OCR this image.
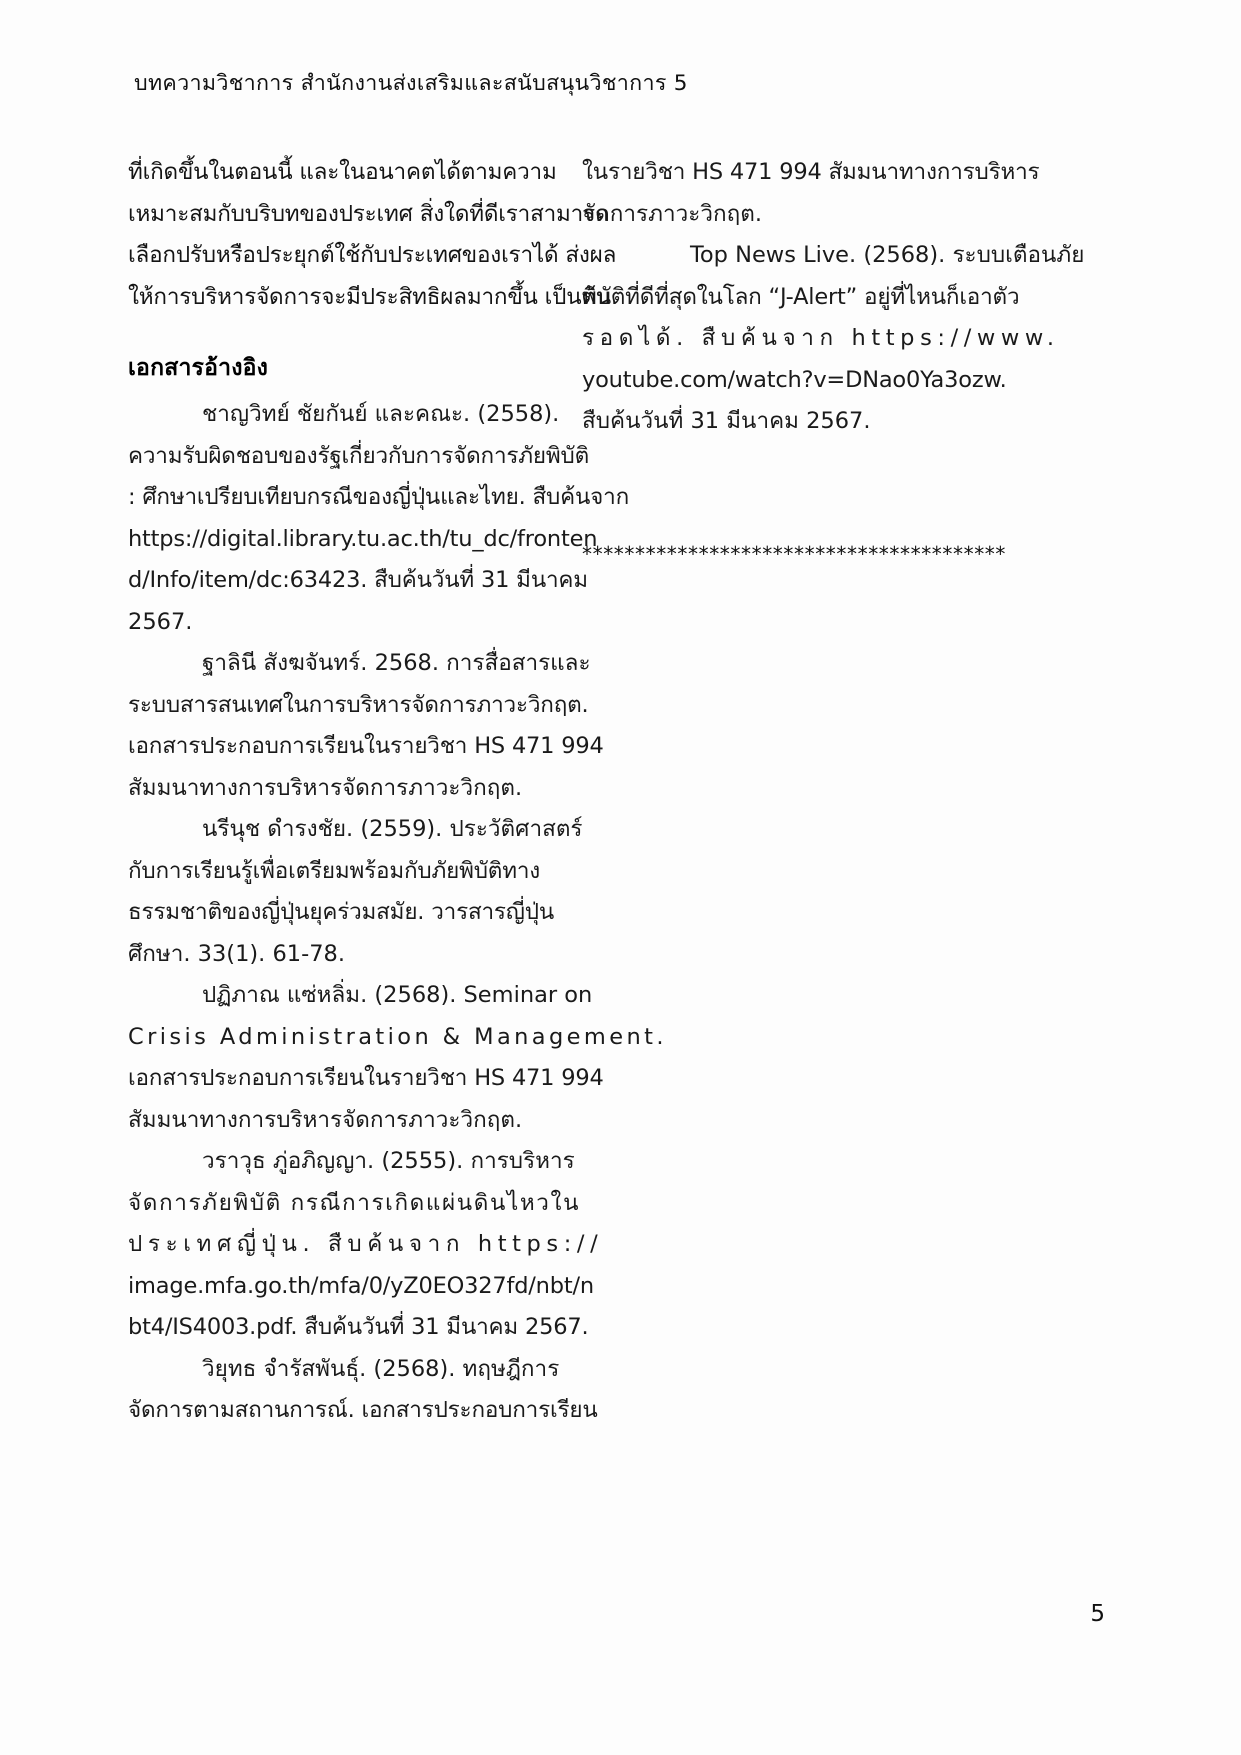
บทความวิชาการ สำนักงานส่งเสริมและสนับสนุนวิชาการ 5

ที่เกิดขึ้นในตอนนี้ และในอนาคตได้ตามความ
เหมาะสมกับบริบทของประเทศ สิ่งใดที่ดีเราสามารถ
เลือกปรับหรือประยุกต์ใช้กับประเทศของเราได้ ส่งผล
ให้การบริหารจัดการจะมีประสิทธิผลมากขึ้น เป็นต้น

เอกสารอ้างอิง

ชาญวิทย์ ชัยกันย์ และคณะ. (2558).
ความรับผิดชอบของรัฐเกี่ยวกับการจัดการภัยพิบัติ
: ศึกษาเปรียบเทียบกรณีของญี่ปุ่นและไทย. สืบค้นจาก
https://digital.library.tu.ac.th/tu_dc/fronten
d/Info/item/dc:63423. สืบค้นวันที่ 31 มีนาคม
2567.

ฐาลินี สังฆจันทร์. 2568. การสื่อสารและ
ระบบสารสนเทศในการบริหารจัดการภาวะวิกฤต.
เอกสารประกอบการเรียนในรายวิชา HS 471 994
สัมมนาทางการบริหารจัดการภาวะวิกฤต.

นรีนุช ดำรงชัย. (2559). ประวัติศาสตร์
กับการเรียนรู้เพื่อเตรียมพร้อมกับภัยพิบัติทาง
ธรรมชาติของญี่ปุ่นยุคร่วมสมัย. วารสารญี่ปุ่น
ศึกษา. 33(1). 61-78.

ปฏิภาณ แซ่หลิ่ม. (2568). Seminar on
Crisis Administration & Management.
เอกสารประกอบการเรียนในรายวิชา HS 471 994
สัมมนาทางการบริหารจัดการภาวะวิกฤต.

วราวุธ ภู่อภิญญา. (2555). การบริหาร
จัดการภัยพิบัติ กรณีการเกิดแผ่นดินไหวใน
ประเทศญี่ปุ่น. สืบค้นจาก https://
image.mfa.go.th/mfa/0/yZ0EO327fd/nbt/n
bt4/IS4003.pdf. สืบค้นวันที่ 31 มีนาคม 2567.

วิยุทธ จำรัสพันธุ์. (2568). ทฤษฎีการ
จัดการตามสถานการณ์. เอกสารประกอบการเรียน

ในรายวิชา HS 471 994 สัมมนาทางการบริหาร
จัดการภาวะวิกฤต.

Top News Live. (2568). ระบบเตือนภัย
พิบัติที่ดีที่สุดในโลก “J-Alert” อยู่ที่ไหนก็เอาตัว
รอดได้. สืบค้นจาก https://www.
youtube.com/watch?v=DNao0Ya3ozw.
สืบค้นวันที่ 31 มีนาคม 2567.

****************************************
5
